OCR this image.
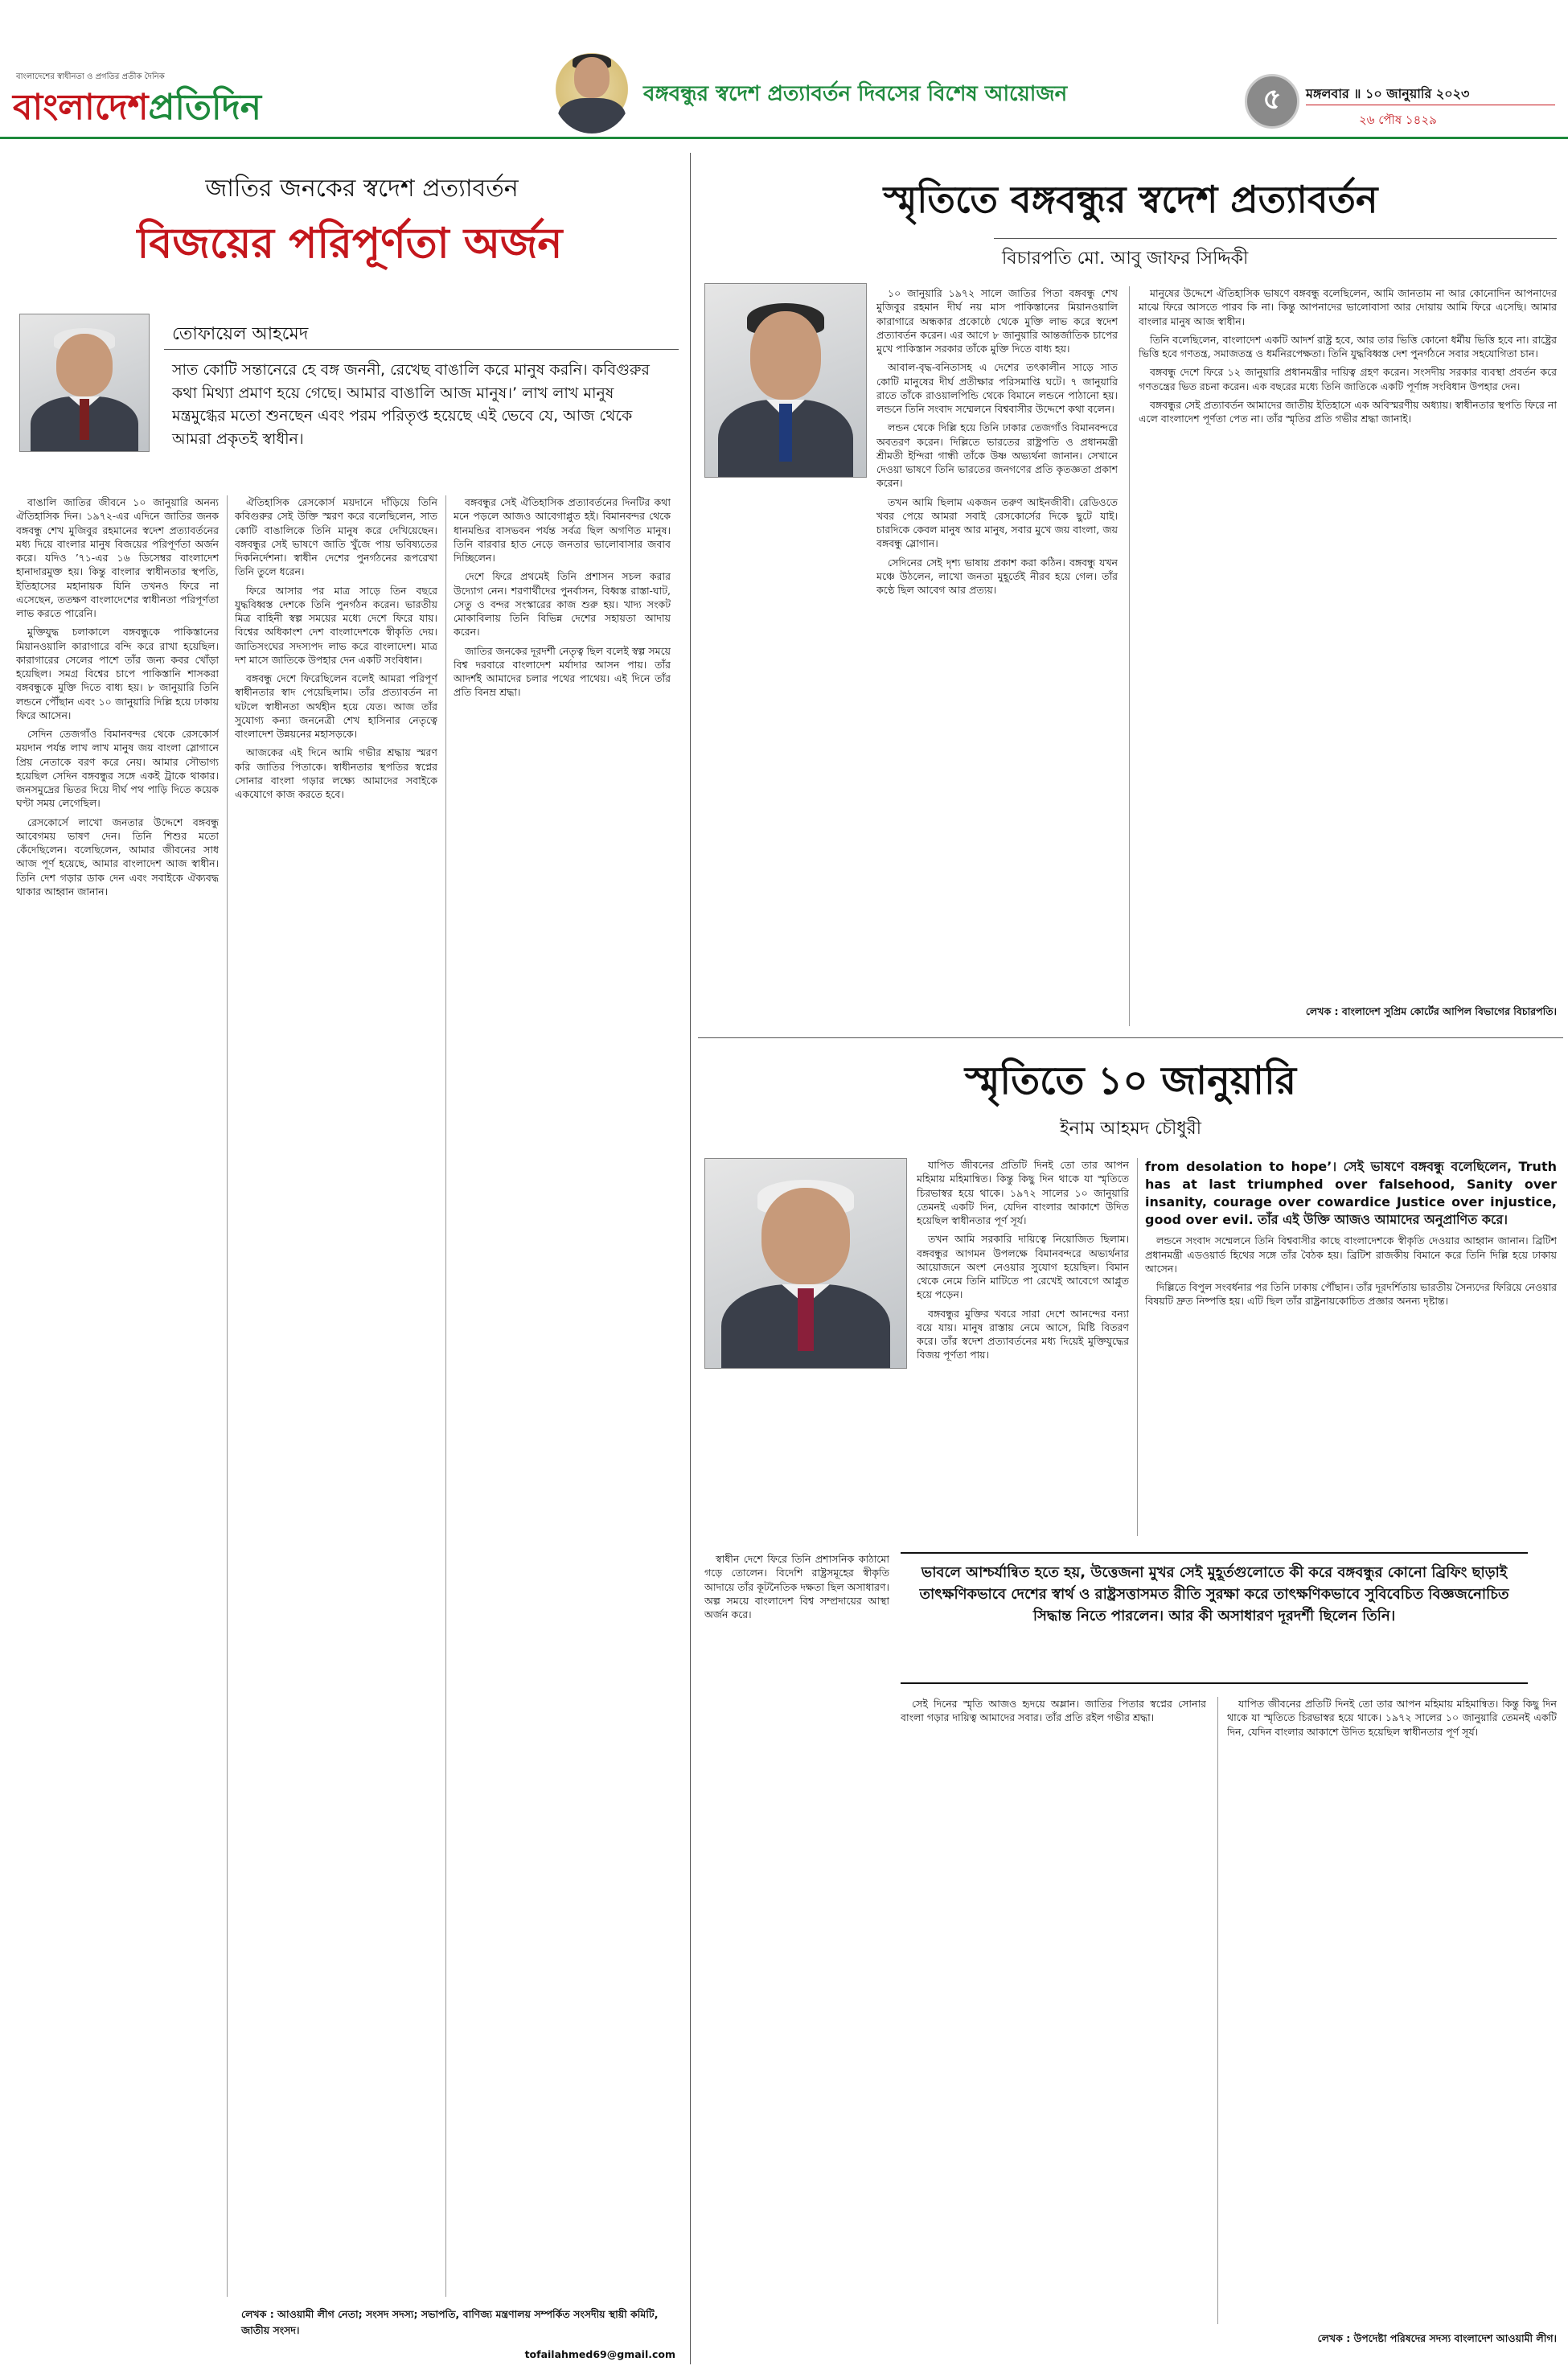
বাংলাদেশের স্বাধীনতা ও প্রগতির প্রতীক দৈনিক
বাংলাদেশপ্রতিদিন	বঙ্গবন্ধুর স্বদেশ প্রত্যাবর্তন দিবসের বিশেষ আয়োজন	৫ মঙ্গলবার ॥ ১০ জানুয়ারি ২০২৩
২৬ পৌষ ১৪২৯
জাতির জনকের স্বদেশ প্রত্যাবর্তন
বিজয়ের পরিপূর্ণতা অর্জন
তোফায়েল আহমেদ
সাত কোটি সন্তানেরে হে বঙ্গ জননী, রেখেছ বাঙালি করে মানুষ করনি। কবিগুরুর কথা মিথ্যা প্রমাণ হয়ে গেছে। আমার বাঙালি আজ মানুষ।’ লাখ লাখ মানুষ মন্ত্রমুগ্ধের মতো শুনছেন এবং পরম পরিতৃপ্ত হয়েছে এই ভেবে যে, আজ থেকে আমরা প্রকৃতই স্বাধীন।

বাঙালি জাতির জীবনে ১০ জানুয়ারি অনন্য ঐতিহাসিক দিন। ১৯৭২-এর এদিনে জাতির জনক বঙ্গবন্ধু শেখ মুজিবুর রহমানের স্বদেশ প্রত্যাবর্তনের মধ্য দিয়ে বাংলার মানুষ বিজয়ের পরিপূর্ণতা অর্জন করে। যদিও ’৭১-এর ১৬ ডিসেম্বর বাংলাদেশ হানাদারমুক্ত হয়। কিন্তু বাংলার স্বাধীনতার স্থপতি, ইতিহাসের মহানায়ক যিনি তখনও ফিরে না এসেছেন, ততক্ষণ বাংলাদেশের স্বাধীনতা পরিপূর্ণতা লাভ করতে পারেনি।

মুক্তিযুদ্ধ চলাকালে বঙ্গবন্ধুকে পাকিস্তানের মিয়ানওয়ালি কারাগারে বন্দি করে রাখা হয়েছিল। কারাগারের সেলের পাশে তাঁর জন্য কবর খোঁড়া হয়েছিল। সমগ্র বিশ্বের চাপে পাকিস্তানি শাসকরা বঙ্গবন্ধুকে মুক্তি দিতে বাধ্য হয়। ৮ জানুয়ারি তিনি লন্ডনে পৌঁছান এবং ১০ জানুয়ারি দিল্লি হয়ে ঢাকায় ফিরে আসেন।

সেদিন তেজগাঁও বিমানবন্দর থেকে রেসকোর্স ময়দান পর্যন্ত লাখ লাখ মানুষ জয় বাংলা স্লোগানে প্রিয় নেতাকে বরণ করে নেয়। আমার সৌভাগ্য হয়েছিল সেদিন বঙ্গবন্ধুর সঙ্গে একই ট্রাকে থাকার। জনসমুদ্রের ভিতর দিয়ে দীর্ঘ পথ পাড়ি দিতে কয়েক ঘণ্টা সময় লেগেছিল।

রেসকোর্সে লাখো জনতার উদ্দেশে বঙ্গবন্ধু আবেগময় ভাষণ দেন। তিনি শিশুর মতো কেঁদেছিলেন। বলেছিলেন, আমার জীবনের সাধ আজ পূর্ণ হয়েছে, আমার বাংলাদেশ আজ স্বাধীন। তিনি দেশ গড়ার ডাক দেন এবং সবাইকে ঐক্যবদ্ধ থাকার আহ্বান জানান।

ঐতিহাসিক রেসকোর্স ময়দানে দাঁড়িয়ে তিনি কবিগুরুর সেই উক্তি স্মরণ করে বলেছিলেন, সাত কোটি বাঙালিকে তিনি মানুষ করে দেখিয়েছেন। বঙ্গবন্ধুর সেই ভাষণে জাতি খুঁজে পায় ভবিষ্যতের দিকনির্দেশনা। স্বাধীন দেশের পুনর্গঠনের রূপরেখা তিনি তুলে ধরেন।

ফিরে আসার পর মাত্র সাড়ে তিন বছরে যুদ্ধবিধ্বস্ত দেশকে তিনি পুনর্গঠন করেন। ভারতীয় মিত্র বাহিনী স্বল্প সময়ের মধ্যে দেশে ফিরে যায়। বিশ্বের অধিকাংশ দেশ বাংলাদেশকে স্বীকৃতি দেয়। জাতিসংঘের সদস্যপদ লাভ করে বাংলাদেশ। মাত্র দশ মাসে জাতিকে উপহার দেন একটি সংবিধান।

বঙ্গবন্ধু দেশে ফিরেছিলেন বলেই আমরা পরিপূর্ণ স্বাধীনতার স্বাদ পেয়েছিলাম। তাঁর প্রত্যাবর্তন না ঘটলে স্বাধীনতা অর্থহীন হয়ে যেত। আজ তাঁর সুযোগ্য কন্যা জননেত্রী শেখ হাসিনার নেতৃত্বে বাংলাদেশ উন্নয়নের মহাসড়কে।

আজকের এই দিনে আমি গভীর শ্রদ্ধায় স্মরণ করি জাতির পিতাকে। স্বাধীনতার স্থপতির স্বপ্নের সোনার বাংলা গড়ার লক্ষ্যে আমাদের সবাইকে একযোগে কাজ করতে হবে।

বঙ্গবন্ধুর সেই ঐতিহাসিক প্রত্যাবর্তনের দিনটির কথা মনে পড়লে আজও আবেগাপ্লুত হই। বিমানবন্দর থেকে ধানমন্ডির বাসভবন পর্যন্ত সর্বত্র ছিল অগণিত মানুষ। তিনি বারবার হাত নেড়ে জনতার ভালোবাসার জবাব দিচ্ছিলেন।

দেশে ফিরে প্রথমেই তিনি প্রশাসন সচল করার উদ্যোগ নেন। শরণার্থীদের পুনর্বাসন, বিধ্বস্ত রাস্তা-ঘাট, সেতু ও বন্দর সংস্কারের কাজ শুরু হয়। খাদ্য সংকট মোকাবিলায় তিনি বিভিন্ন দেশের সহায়তা আদায় করেন।

জাতির জনকের দূরদর্শী নেতৃত্ব ছিল বলেই স্বল্প সময়ে বিশ্ব দরবারে বাংলাদেশ মর্যাদার আসন পায়। তাঁর আদর্শই আমাদের চলার পথের পাথেয়। এই দিনে তাঁর প্রতি বিনম্র শ্রদ্ধা।

লেখক : আওয়ামী লীগ নেতা; সংসদ সদস্য; সভাপতি, বাণিজ্য মন্ত্রণালয় সম্পর্কিত সংসদীয় স্থায়ী কমিটি, জাতীয় সংসদ।
tofailahmed69@gmail.com
স্মৃতিতে বঙ্গবন্ধুর স্বদেশ প্রত্যাবর্তন
বিচারপতি মো. আবু জাফর সিদ্দিকী

১০ জানুয়ারি ১৯৭২ সালে জাতির পিতা বঙ্গবন্ধু শেখ মুজিবুর রহমান দীর্ঘ নয় মাস পাকিস্তানের মিয়ানওয়ালি কারাগারে অন্ধকার প্রকোষ্ঠে থেকে মুক্তি লাভ করে স্বদেশ প্রত্যাবর্তন করেন। এর আগে ৮ জানুয়ারি আন্তর্জাতিক চাপের মুখে পাকিস্তান সরকার তাঁকে মুক্তি দিতে বাধ্য হয়।

আবাল-বৃদ্ধ-বনিতাসহ এ দেশের তৎকালীন সাড়ে সাত কোটি মানুষের দীর্ঘ প্রতীক্ষার পরিসমাপ্তি ঘটে। ৭ জানুয়ারি রাতে তাঁকে রাওয়ালপিন্ডি থেকে বিমানে লন্ডনে পাঠানো হয়। লন্ডনে তিনি সংবাদ সম্মেলনে বিশ্ববাসীর উদ্দেশে কথা বলেন।

লন্ডন থেকে দিল্লি হয়ে তিনি ঢাকার তেজগাঁও বিমানবন্দরে অবতরণ করেন। দিল্লিতে ভারতের রাষ্ট্রপতি ও প্রধানমন্ত্রী শ্রীমতী ইন্দিরা গান্ধী তাঁকে উষ্ণ অভ্যর্থনা জানান। সেখানে দেওয়া ভাষণে তিনি ভারতের জনগণের প্রতি কৃতজ্ঞতা প্রকাশ করেন।

তখন আমি ছিলাম একজন তরুণ আইনজীবী। রেডিওতে খবর পেয়ে আমরা সবাই রেসকোর্সের দিকে ছুটে যাই। চারদিকে কেবল মানুষ আর মানুষ, সবার মুখে জয় বাংলা, জয় বঙ্গবন্ধু স্লোগান।

সেদিনের সেই দৃশ্য ভাষায় প্রকাশ করা কঠিন। বঙ্গবন্ধু যখন মঞ্চে উঠলেন, লাখো জনতা মুহূর্তেই নীরব হয়ে গেল। তাঁর কণ্ঠে ছিল আবেগ আর প্রত্যয়।

মানুষের উদ্দেশে ঐতিহাসিক ভাষণে বঙ্গবন্ধু বলেছিলেন, আমি জানতাম না আর কোনোদিন আপনাদের মাঝে ফিরে আসতে পারব কি না। কিন্তু আপনাদের ভালোবাসা আর দোয়ায় আমি ফিরে এসেছি। আমার বাংলার মানুষ আজ স্বাধীন।

তিনি বলেছিলেন, বাংলাদেশ একটি আদর্শ রাষ্ট্র হবে, আর তার ভিত্তি কোনো ধর্মীয় ভিত্তি হবে না। রাষ্ট্রের ভিত্তি হবে গণতন্ত্র, সমাজতন্ত্র ও ধর্মনিরপেক্ষতা। তিনি যুদ্ধবিধ্বস্ত দেশ পুনর্গঠনে সবার সহযোগিতা চান।

বঙ্গবন্ধু দেশে ফিরে ১২ জানুয়ারি প্রধানমন্ত্রীর দায়িত্ব গ্রহণ করেন। সংসদীয় সরকার ব্যবস্থা প্রবর্তন করে গণতন্ত্রের ভিত রচনা করেন। এক বছরের মধ্যে তিনি জাতিকে একটি পূর্ণাঙ্গ সংবিধান উপহার দেন।

বঙ্গবন্ধুর সেই প্রত্যাবর্তন আমাদের জাতীয় ইতিহাসে এক অবিস্মরণীয় অধ্যায়। স্বাধীনতার স্থপতি ফিরে না এলে বাংলাদেশ পূর্ণতা পেত না। তাঁর স্মৃতির প্রতি গভীর শ্রদ্ধা জানাই।

লেখক : বাংলাদেশ সুপ্রিম কোর্টের আপিল বিভাগের বিচারপতি।
স্মৃতিতে ১০ জানুয়ারি
ইনাম আহমদ চৌধুরী

যাপিত জীবনের প্রতিটি দিনই তো তার আপন মহিমায় মহিমান্বিত। কিন্তু কিছু দিন থাকে যা স্মৃতিতে চিরভাস্বর হয়ে থাকে। ১৯৭২ সালের ১০ জানুয়ারি তেমনই একটি দিন, যেদিন বাংলার আকাশে উদিত হয়েছিল স্বাধীনতার পূর্ণ সূর্য।

তখন আমি সরকারি দায়িত্বে নিয়োজিত ছিলাম। বঙ্গবন্ধুর আগমন উপলক্ষে বিমানবন্দরে অভ্যর্থনার আয়োজনে অংশ নেওয়ার সুযোগ হয়েছিল। বিমান থেকে নেমে তিনি মাটিতে পা রেখেই আবেগে আপ্লুত হয়ে পড়েন।

বঙ্গবন্ধুর মুক্তির খবরে সারা দেশে আনন্দের বন্যা বয়ে যায়। মানুষ রাস্তায় নেমে আসে, মিষ্টি বিতরণ করে। তাঁর স্বদেশ প্রত্যাবর্তনের মধ্য দিয়েই মুক্তিযুদ্ধের বিজয় পূর্ণতা পায়।

from desolation to hope’। সেই ভাষণে বঙ্গবন্ধু বলেছিলেন, Truth has at last triumphed over falsehood, Sanity over insanity, courage over cowardice Justice over injustice, good over evil. তাঁর এই উক্তি আজও আমাদের অনুপ্রাণিত করে।

লন্ডনে সংবাদ সম্মেলনে তিনি বিশ্ববাসীর কাছে বাংলাদেশকে স্বীকৃতি দেওয়ার আহ্বান জানান। ব্রিটিশ প্রধানমন্ত্রী এডওয়ার্ড হিথের সঙ্গে তাঁর বৈঠক হয়। ব্রিটিশ রাজকীয় বিমানে করে তিনি দিল্লি হয়ে ঢাকায় আসেন।

দিল্লিতে বিপুল সংবর্ধনার পর তিনি ঢাকায় পৌঁছান। তাঁর দূরদর্শিতায় ভারতীয় সৈন্যদের ফিরিয়ে নেওয়ার বিষয়টি দ্রুত নিষ্পত্তি হয়। এটি ছিল তাঁর রাষ্ট্রনায়কোচিত প্রজ্ঞার অনন্য দৃষ্টান্ত।

ভাবলে আশ্চর্যান্বিত হতে হয়, উত্তেজনা মুখর সেই মুহূর্তগুলোতে কী করে বঙ্গবন্ধুর কোনো ব্রিফিং ছাড়াই তাৎক্ষণিকভাবে দেশের স্বার্থ ও রাষ্ট্রসত্তাসমত রীতি সুরক্ষা করে তাৎক্ষণিকভাবে সুবিবেচিত বিজ্ঞজনোচিত সিদ্ধান্ত নিতে পারলেন। আর কী অসাধারণ দূরদর্শী ছিলেন তিনি।

স্বাধীন দেশে ফিরে তিনি প্রশাসনিক কাঠামো গড়ে তোলেন। বিদেশি রাষ্ট্রসমূহের স্বীকৃতি আদায়ে তাঁর কূটনৈতিক দক্ষতা ছিল অসাধারণ। অল্প সময়ে বাংলাদেশ বিশ্ব সম্প্রদায়ের আস্থা অর্জন করে।

সেই দিনের স্মৃতি আজও হৃদয়ে অম্লান। জাতির পিতার স্বপ্নের সোনার বাংলা গড়ার দায়িত্ব আমাদের সবার। তাঁর প্রতি রইল গভীর শ্রদ্ধা।

যাপিত জীবনের প্রতিটি দিনই তো তার আপন মহিমায় মহিমান্বিত। কিন্তু কিছু দিন থাকে যা স্মৃতিতে চিরভাস্বর হয়ে থাকে। ১৯৭২ সালের ১০ জানুয়ারি তেমনই একটি দিন, যেদিন বাংলার আকাশে উদিত হয়েছিল স্বাধীনতার পূর্ণ সূর্য।

লেখক : উপদেষ্টা পরিষদের সদস্য বাংলাদেশ আওয়ামী লীগ।
